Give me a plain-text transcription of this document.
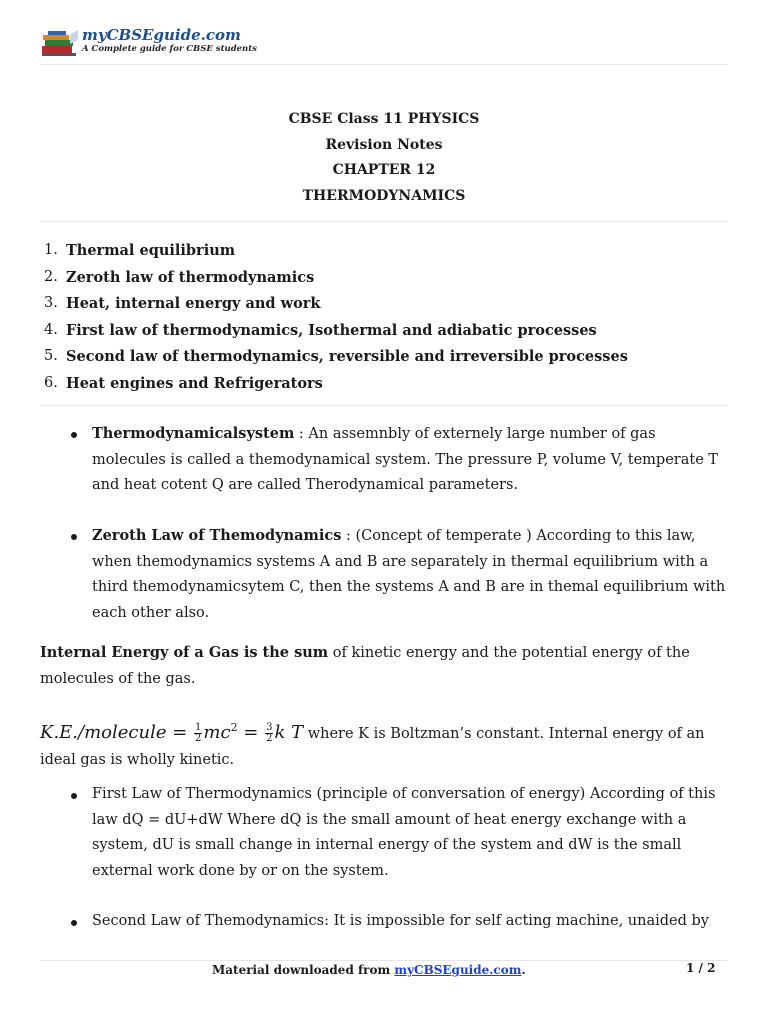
myCBSEguide.com
A Complete guide for CBSE students
CBSE Class 11 PHYSICS
Revision Notes
CHAPTER 12
THERMODYNAMICS
1. Thermal equilibrium
2. Zeroth law of thermodynamics
3. Heat, internal energy and work
4. First law of thermodynamics, Isothermal and adiabatic processes
5. Second law of thermodynamics, reversible and irreversible processes
6. Heat engines and Refrigerators
Thermodynamicalsystem : An assemnbly of externely large number of gas molecules is called a themodynamical system. The pressure P, volume V, temperate T and heat cotent Q are called Therodynamical parameters.
Zeroth Law of Themodynamics : (Concept of temperate ) According to this law, when themodynamics systems A and B are separately in thermal equilibrium with a third themodynamicsytem C, then the systems A and B are in themal equilibrium with each other also.
Internal Energy of a Gas is the sum of kinetic energy and the potential energy of the molecules of the gas.
K.E./molecule = $\frac{1}{2} mc^2 = \frac{3}{2}$ k T where K is Boltzman’s constant. Internal energy of an ideal gas is wholly kinetic.
First Law of Thermodynamics (principle of conversation of energy) According of this law dQ = dU+dW Where dQ is the small amount of heat energy exchange with a system, dU is small change in internal energy of the system and dW is the small external work done by or on the system.
Second Law of Themodynamics: It is impossible for self acting machine, unaided by
Material downloaded from myCBSEguide.com.	1 / 2
